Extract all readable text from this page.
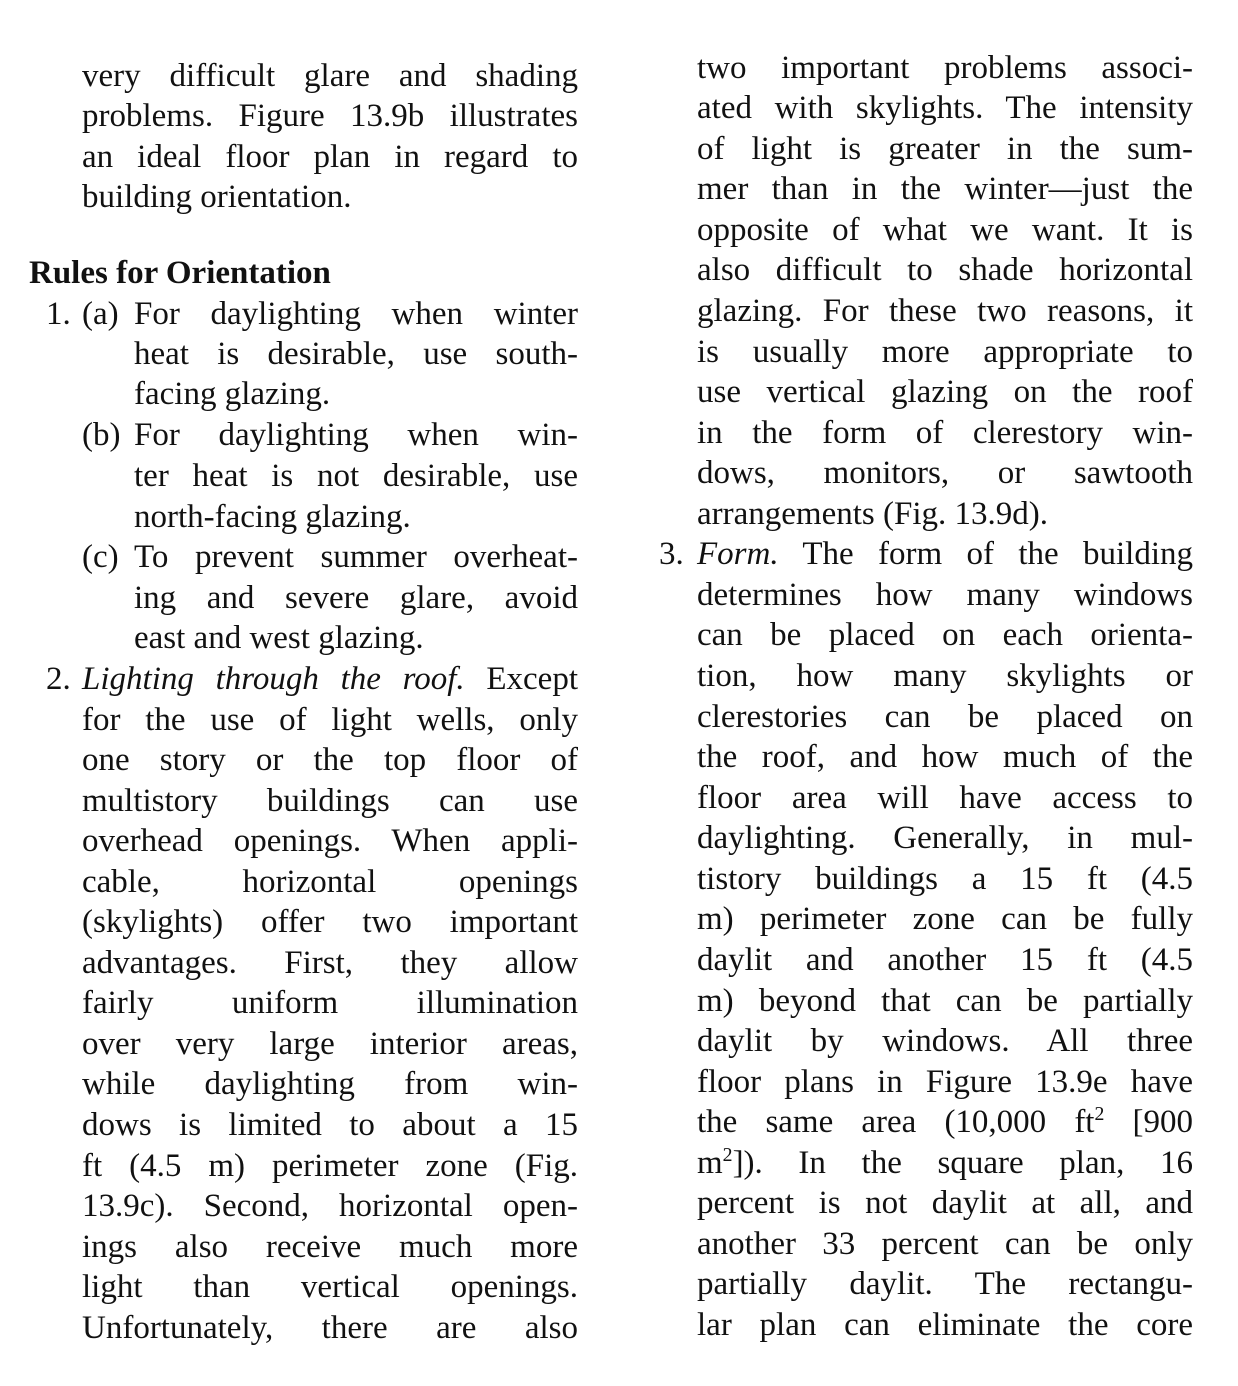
very difficult glare and shading
problems. Figure 13.9b illustrates
an ideal floor plan in regard to
building orientation.
Rules for Orientation
1. (a) For daylighting when winter
heat is desirable, use south-
facing glazing.
(b) For daylighting when win-
ter heat is not desirable, use
north-facing glazing.
(c) To prevent summer overheat-
ing and severe glare, avoid
east and west glazing.
2. Lighting through the roof. Except
for the use of light wells, only
one story or the top floor of
multistory buildings can use
overhead openings. When appli-
cable, horizontal openings
(skylights) offer two important
advantages. First, they allow
fairly uniform illumination
over very large interior areas,
while daylighting from win-
dows is limited to about a 15
ft (4.5 m) perimeter zone (Fig.
13.9c). Second, horizontal open-
ings also receive much more
light than vertical openings.
Unfortunately, there are also
two important problems associ-
ated with skylights. The intensity
of light is greater in the sum-
mer than in the winter—just the
opposite of what we want. It is
also difficult to shade horizontal
glazing. For these two reasons, it
is usually more appropriate to
use vertical glazing on the roof
in the form of clerestory win-
dows, monitors, or sawtooth
arrangements (Fig. 13.9d).
3. Form. The form of the building
determines how many windows
can be placed on each orienta-
tion, how many skylights or
clerestories can be placed on
the roof, and how much of the
floor area will have access to
daylighting. Generally, in mul-
tistory buildings a 15 ft (4.5
m) perimeter zone can be fully
daylit and another 15 ft (4.5
m) beyond that can be partially
daylit by windows. All three
floor plans in Figure 13.9e have
the same area (10,000 $ft^2$ [900
$m^2$]). In the square plan, 16
percent is not daylit at all, and
another 33 percent can be only
partially daylit. The rectangu-
lar plan can eliminate the core
